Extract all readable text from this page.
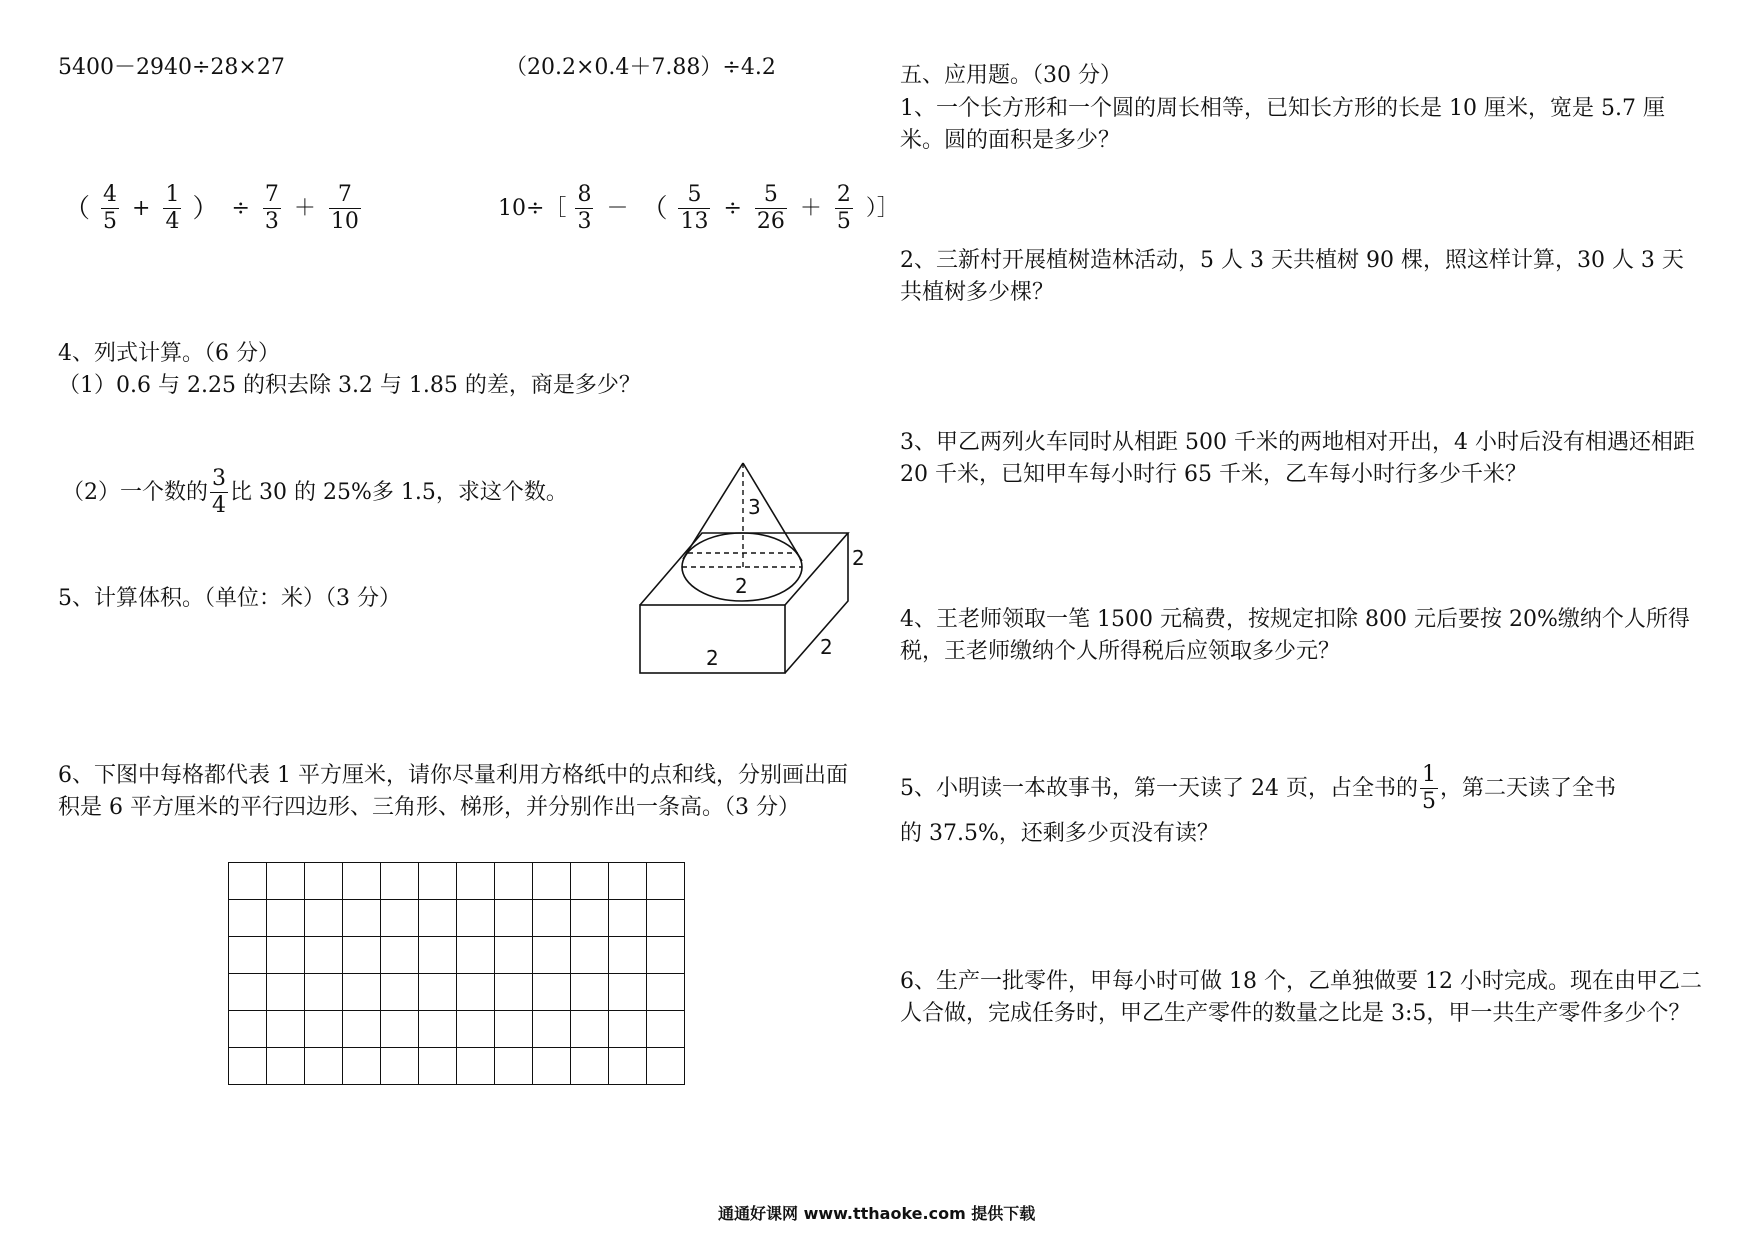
5400－2940÷28×27	（20.2×0.4＋7.88）÷4.2
（ $\frac{4}{5} + \frac{1}{4}$ ） ÷ $\frac{7}{3} + \frac{7}{10}$	10÷［ $\frac{8}{3}$ － （ $\frac{5}{13} \div \frac{5}{26} + \frac{2}{5}$ ）］
4、列式计算。（6 分）
（1）0.6 与 2.25 的积去除 3.2 与 1.85 的差，商是多少？
（2）一个数的 $\frac{3}{4}$ 比 30 的 25%多 1.5，求这个数。
5、计算体积。（单位：米）（3 分）
3
2
2
2
2
6、下图中每格都代表 1 平方厘米，请你尽量利用方格纸中的点和线，分别画出面积是 6 平方厘米的平行四边形、三角形、梯形，并分别作出一条高。（3 分）

五、应用题。（30 分）
1、一个长方形和一个圆的周长相等，已知长方形的长是 10 厘米，宽是 5.7 厘米。圆的面积是多少？
2、三新村开展植树造林活动，5 人 3 天共植树 90 棵，照这样计算，30 人 3 天共植树多少棵？
3、甲乙两列火车同时从相距 500 千米的两地相对开出，4 小时后没有相遇还相距 20 千米，已知甲车每小时行 65 千米，乙车每小时行多少千米？
4、王老师领取一笔 1500 元稿费，按规定扣除 800 元后要按 20%缴纳个人所得税，王老师缴纳个人所得税后应领取多少元？
5、小明读一本故事书，第一天读了 24 页，占全书的 $\frac{1}{5}$ ，第二天读了全书
的 37.5%，还剩多少页没有读？
6、生产一批零件，甲每小时可做 18 个，乙单独做要 12 小时完成。现在由甲乙二人合做，完成任务时，甲乙生产零件的数量之比是 3:5，甲一共生产零件多少个？
通通好课网 www.tthaoke.com 提供下载
